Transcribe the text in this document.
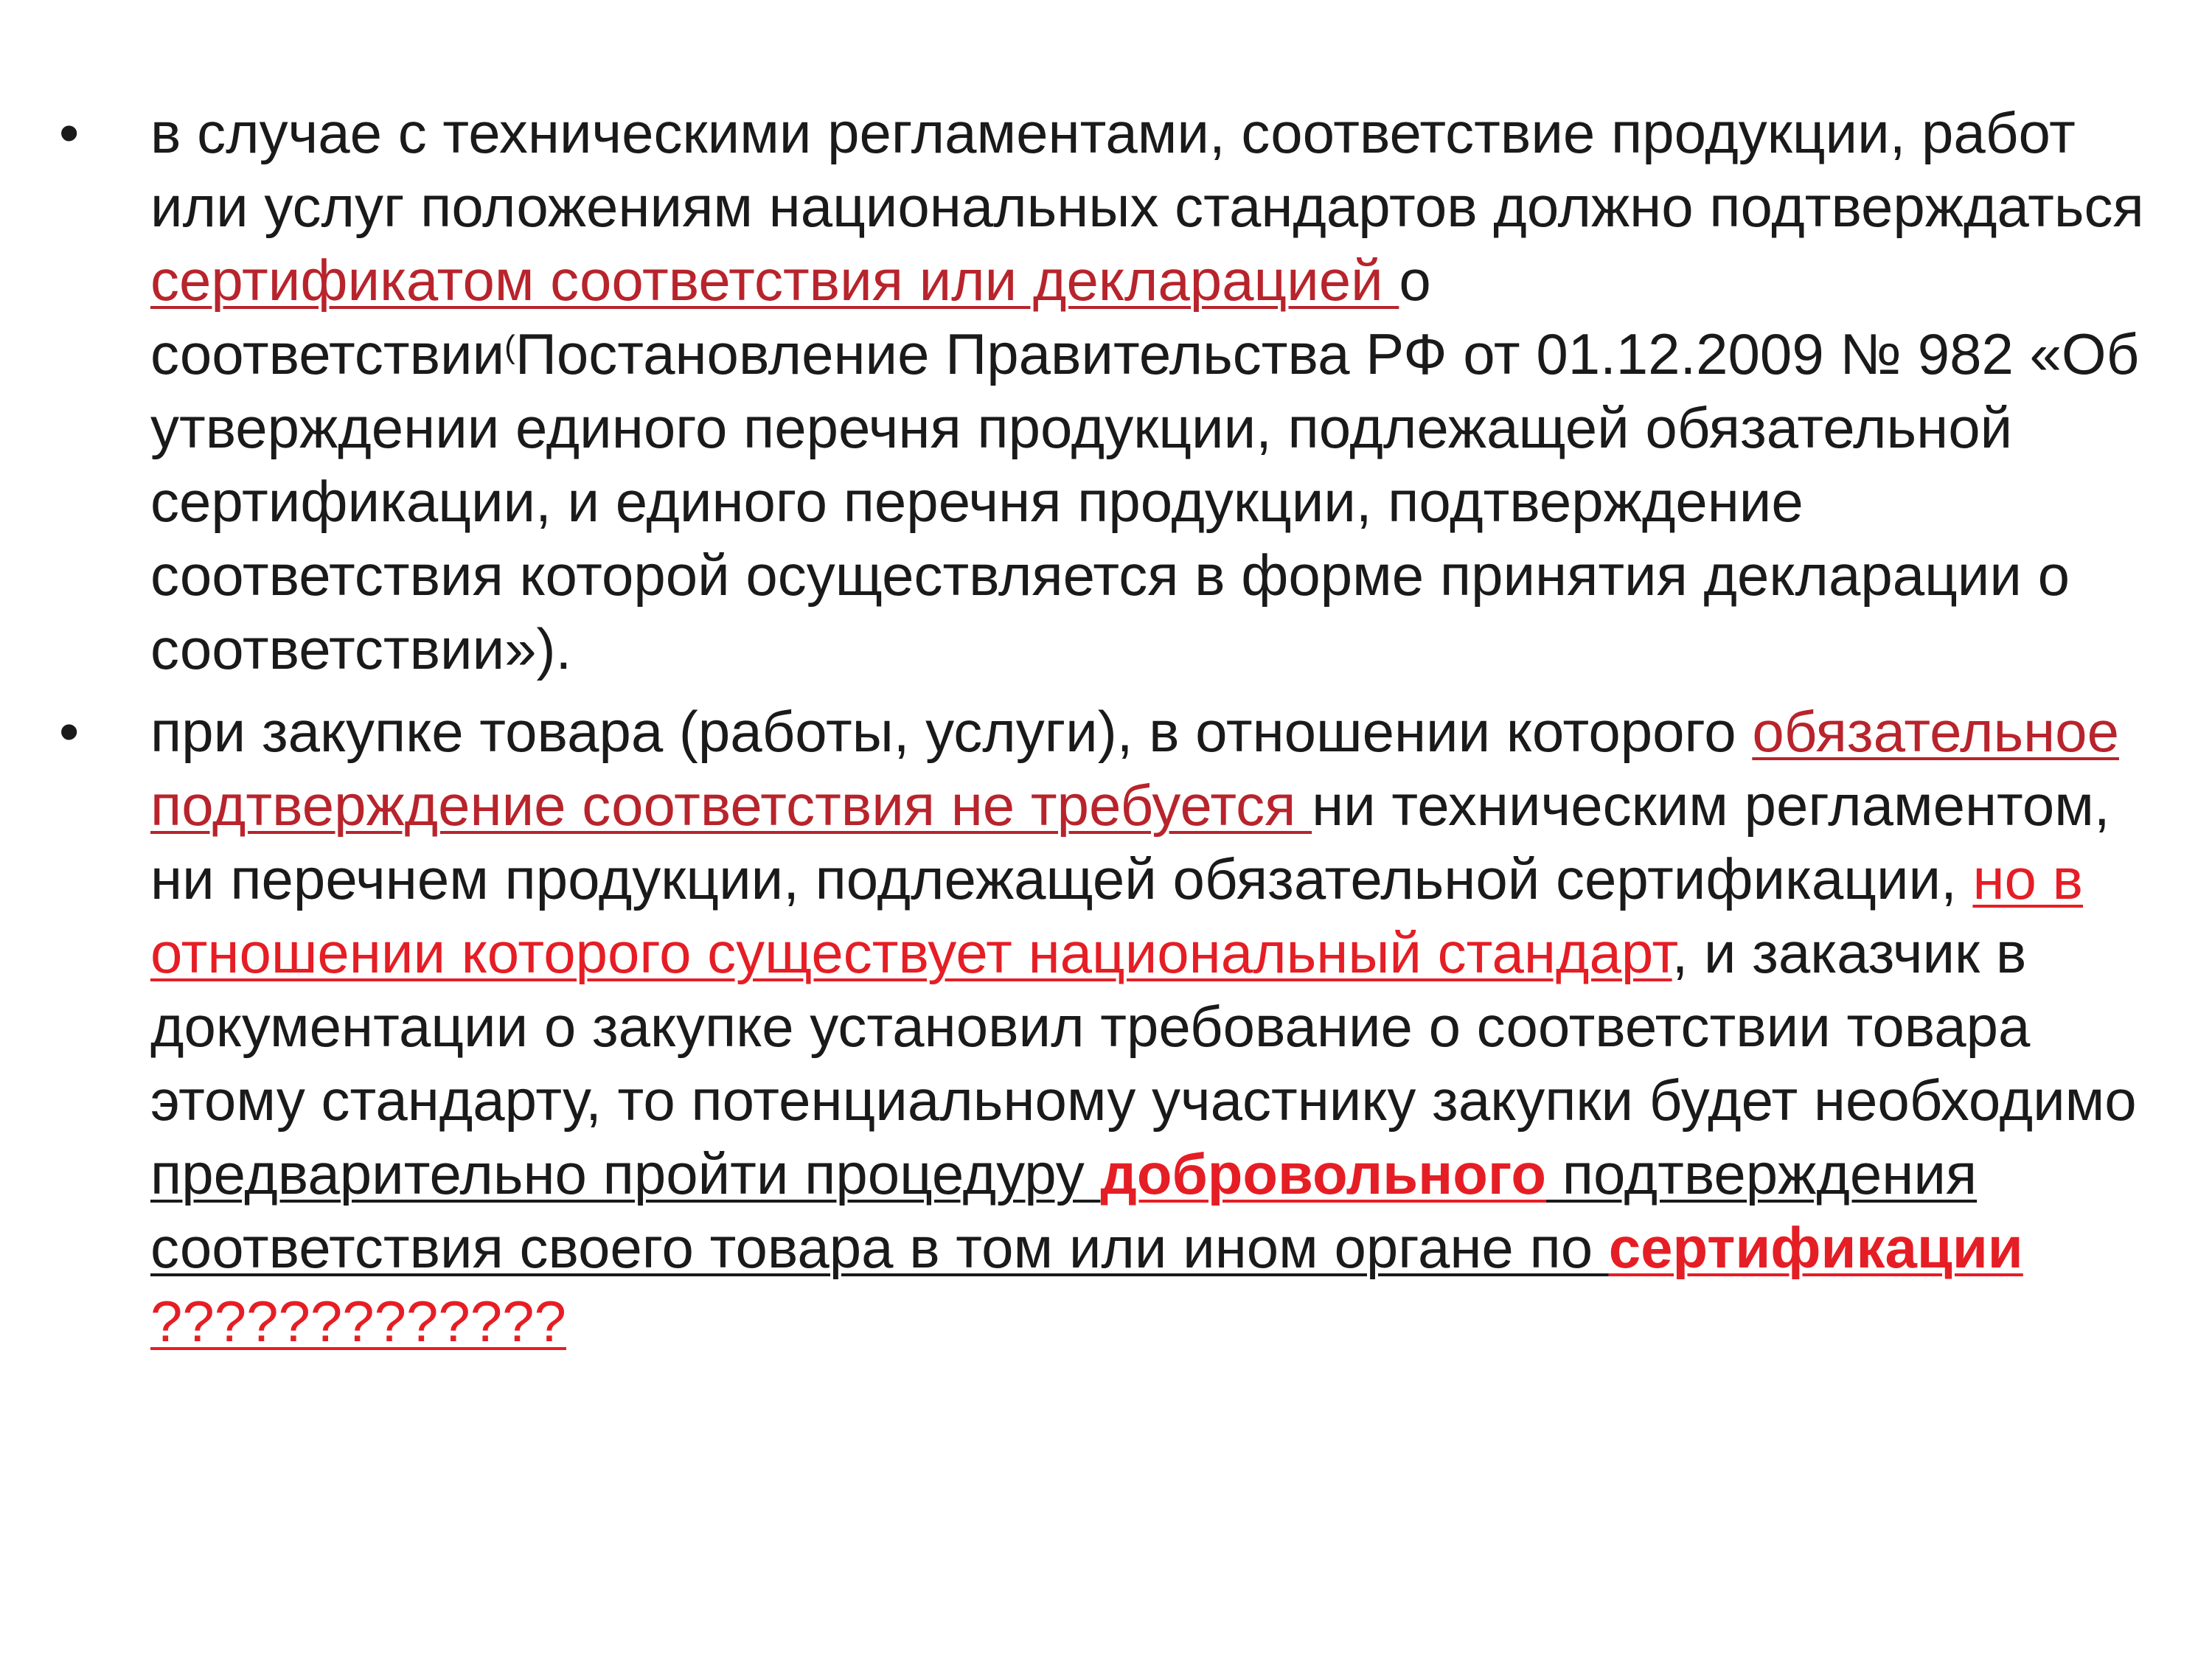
• в случае с техническими регламентами, соответствие продукции, работ или услуг положениям национальных стандартов должно подтверждаться сертификатом соответствия или декларацией о соответствии(Постановление Правительства РФ от 01.12.2009 № 982 «Об утверждении единого перечня продукции, подлежащей обязательной сертификации, и единого перечня продукции, подтверждение соответствия которой осуществляется в форме принятия декларации о соответствии»).
• при закупке товара (работы, услуги), в отношении которого обязательное подтверждение соответствия не требуется ни техническим регламентом, ни перечнем продукции, подлежащей обязательной сертификации, но в отношении которого существует национальный стандарт, и заказчик в документации о закупке установил требование о соответствии товара этому стандарту, то потенциальному участнику закупки будет необходимо предварительно пройти процедуру добровольного подтверждения соответствия своего товара в том или ином органе по сертификации ?????????????
